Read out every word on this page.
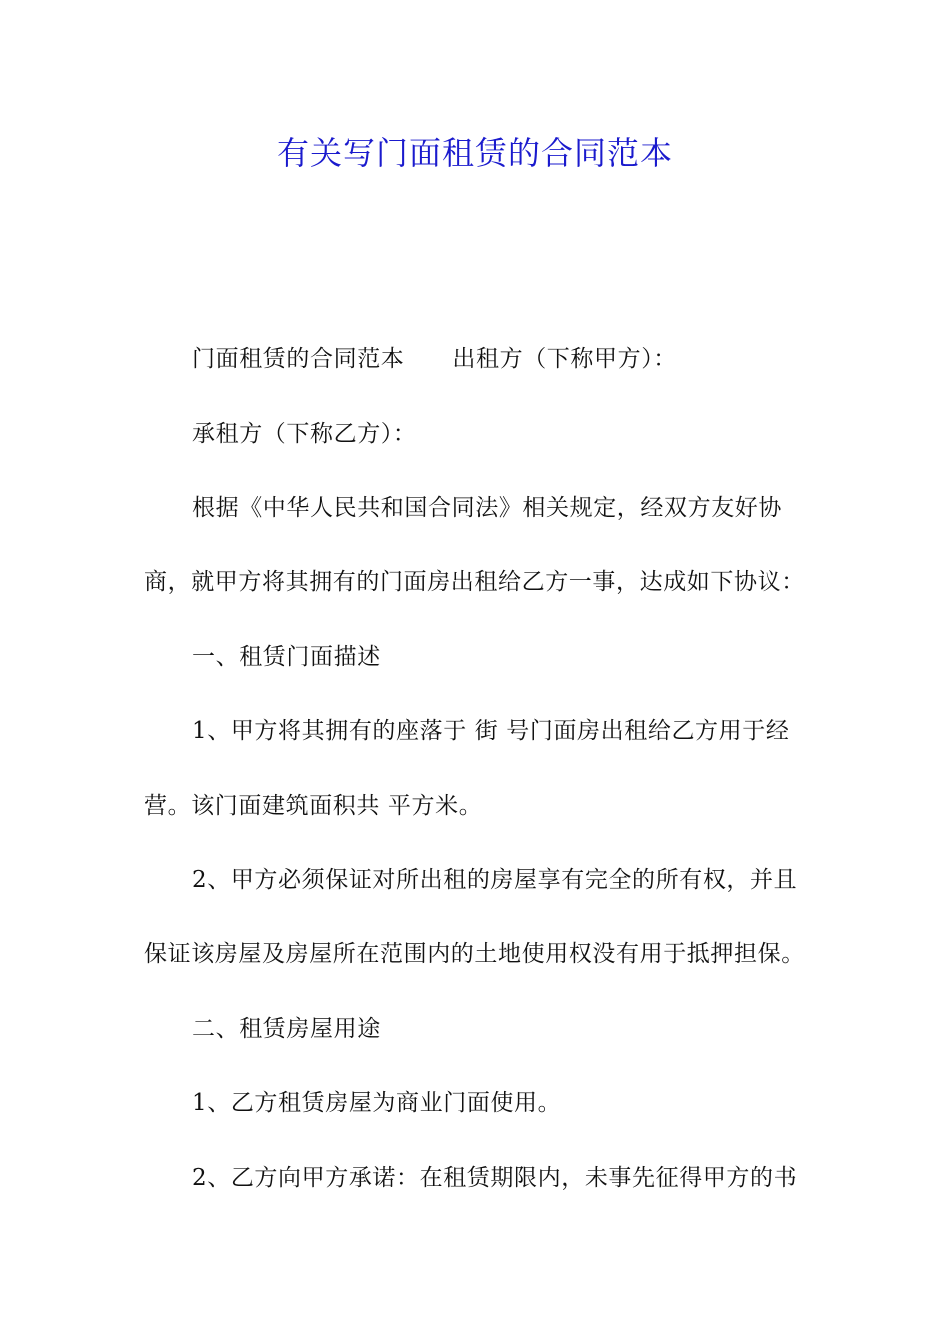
有关写门面租赁的合同范本
门面租赁的合同范本 出租方（下称甲方）：
承租方（下称乙方）：
根据《中华人民共和国合同法》相关规定，经双方友好协
商，就甲方将其拥有的门面房出租给乙方一事，达成如下协议：
一、租赁门面描述
1、甲方将其拥有的座落于 街 号门面房出租给乙方用于经
营。该门面建筑面积共 平方米。
2、甲方必须保证对所出租的房屋享有完全的所有权，并且
保证该房屋及房屋所在范围内的土地使用权没有用于抵押担保。
二、租赁房屋用途
1、乙方租赁房屋为商业门面使用。
2、乙方向甲方承诺：在租赁期限内，未事先征得甲方的书
